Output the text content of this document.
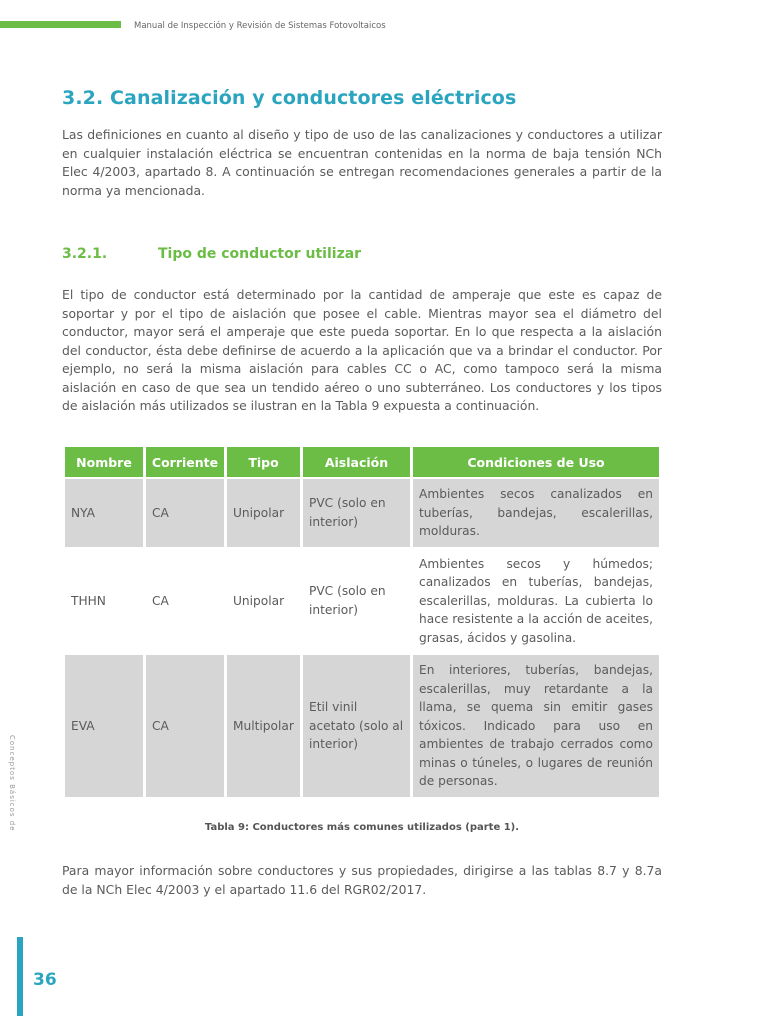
Manual de Inspección y Revisión de Sistemas Fotovoltaicos
3.2. Canalización y conductores eléctricos

Las definiciones en cuanto al diseño y tipo de uso de las canalizaciones y conductores a utilizar en cualquier instalación eléctrica se encuentran contenidas en la norma de baja tensión NCh Elec 4/2003, apartado 8. A continuación se entregan recomendaciones generales a partir de la norma ya mencionada.

3.2.1.	Tipo de conductor utilizar

El tipo de conductor está determinado por la cantidad de amperaje que este es capaz de soportar y por el tipo de aislación que posee el cable. Mientras mayor sea el diámetro del conductor, mayor será el amperaje que este pueda soportar. En lo que respecta a la aislación del conductor, ésta debe definirse de acuerdo a la aplicación que va a brindar el conductor. Por ejemplo, no será la misma aislación para cables CC o AC, como tampoco será la misma aislación en caso de que sea un tendido aéreo o uno subterráneo. Los conductores y los tipos de aislación más utilizados se ilustran en la Tabla 9 expuesta a continuación.

Nombre	Corriente	Tipo	Aislación	Condiciones de Uso
NYA	CA	Unipolar	PVC (solo en interior)	Ambientes secos canalizados en tuberías, bandejas, escalerillas, molduras.
THHN	CA	Unipolar	PVC (solo en interior)	Ambientes secos y húmedos; canalizados en tuberías, bandejas, escalerillas, molduras. La cubierta lo hace resistente a la acción de aceites, grasas, ácidos y gasolina.
EVA	CA	Multipolar	Etil vinil acetato (solo al interior)	En interiores, tuberías, bandejas, escalerillas, muy retardante a la llama, se quema sin emitir gases tóxicos. Indicado para uso en ambientes de trabajo cerrados como minas o túneles, o lugares de reunión de personas.

Tabla 9: Conductores más comunes utilizados (parte 1).

Para mayor información sobre conductores y sus propiedades, dirigirse a las tablas 8.7 y 8.7a de la NCh Elec 4/2003 y el apartado 11.6 del RGR02/2017.

Conceptos Básicos de

36
